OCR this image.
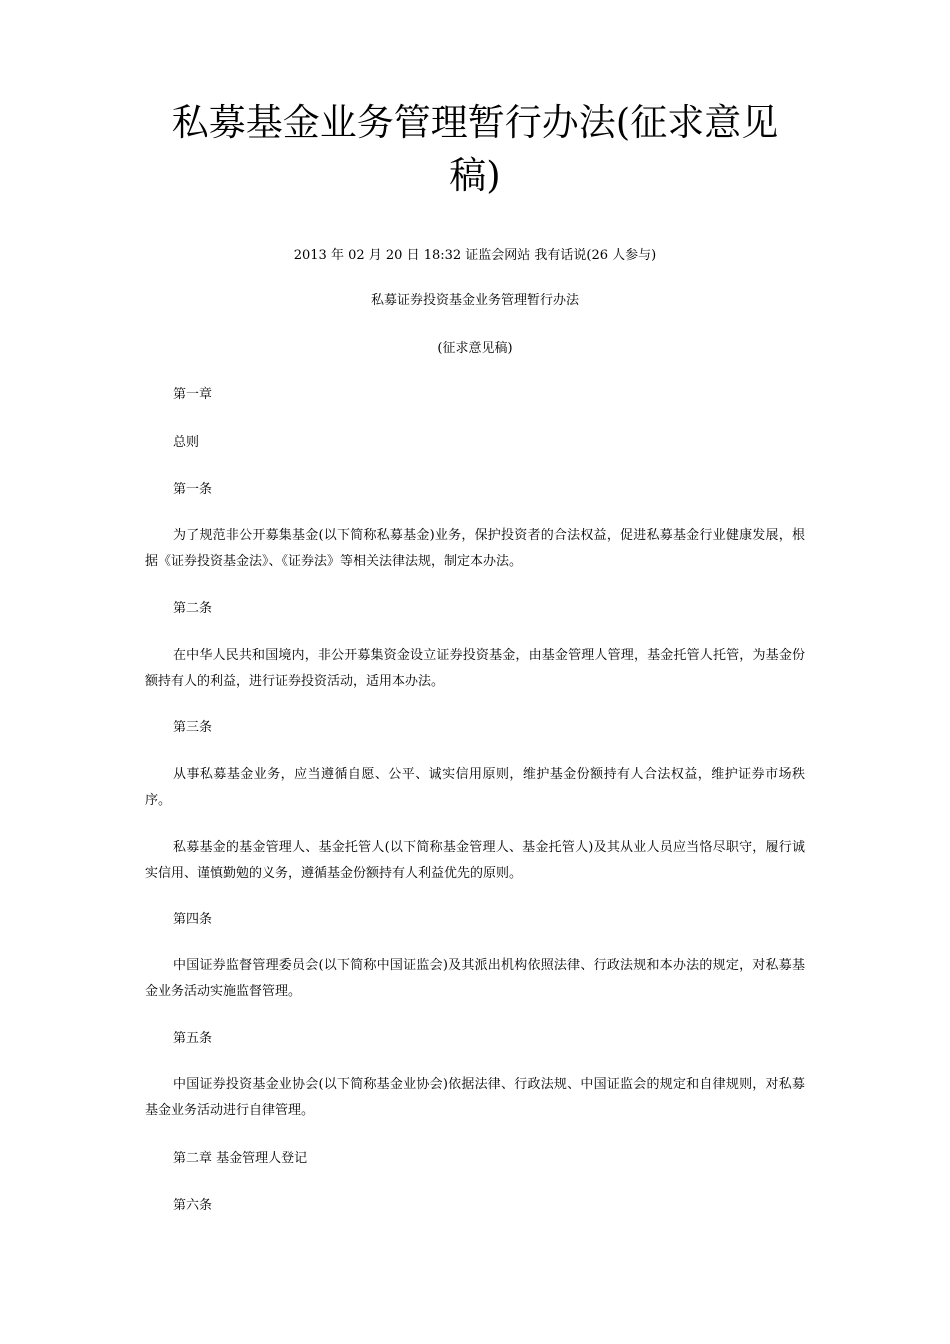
私募基金业务管理暂行办法(征求意见稿)

2013 年 02 月 20 日 18:32 证监会网站 我有话说(26 人参与)

私募证券投资基金业务管理暂行办法

(征求意见稿)

第一章

总则

第一条

为了规范非公开募集基金(以下简称私募基金)业务，保护投资者的合法权益，促进私募基金行业健康发展，根据《证券投资基金法》、《证券法》等相关法律法规，制定本办法。

第二条

在中华人民共和国境内，非公开募集资金设立证券投资基金，由基金管理人管理，基金托管人托管，为基金份额持有人的利益，进行证券投资活动，适用本办法。

第三条

从事私募基金业务，应当遵循自愿、公平、诚实信用原则，维护基金份额持有人合法权益，维护证券市场秩序。

私募基金的基金管理人、基金托管人(以下简称基金管理人、基金托管人)及其从业人员应当恪尽职守，履行诚实信用、谨慎勤勉的义务，遵循基金份额持有人利益优先的原则。

第四条

中国证券监督管理委员会(以下简称中国证监会)及其派出机构依照法律、行政法规和本办法的规定，对私募基金业务活动实施监督管理。

第五条

中国证券投资基金业协会(以下简称基金业协会)依据法律、行政法规、中国证监会的规定和自律规则，对私募基金业务活动进行自律管理。

第二章 基金管理人登记

第六条
